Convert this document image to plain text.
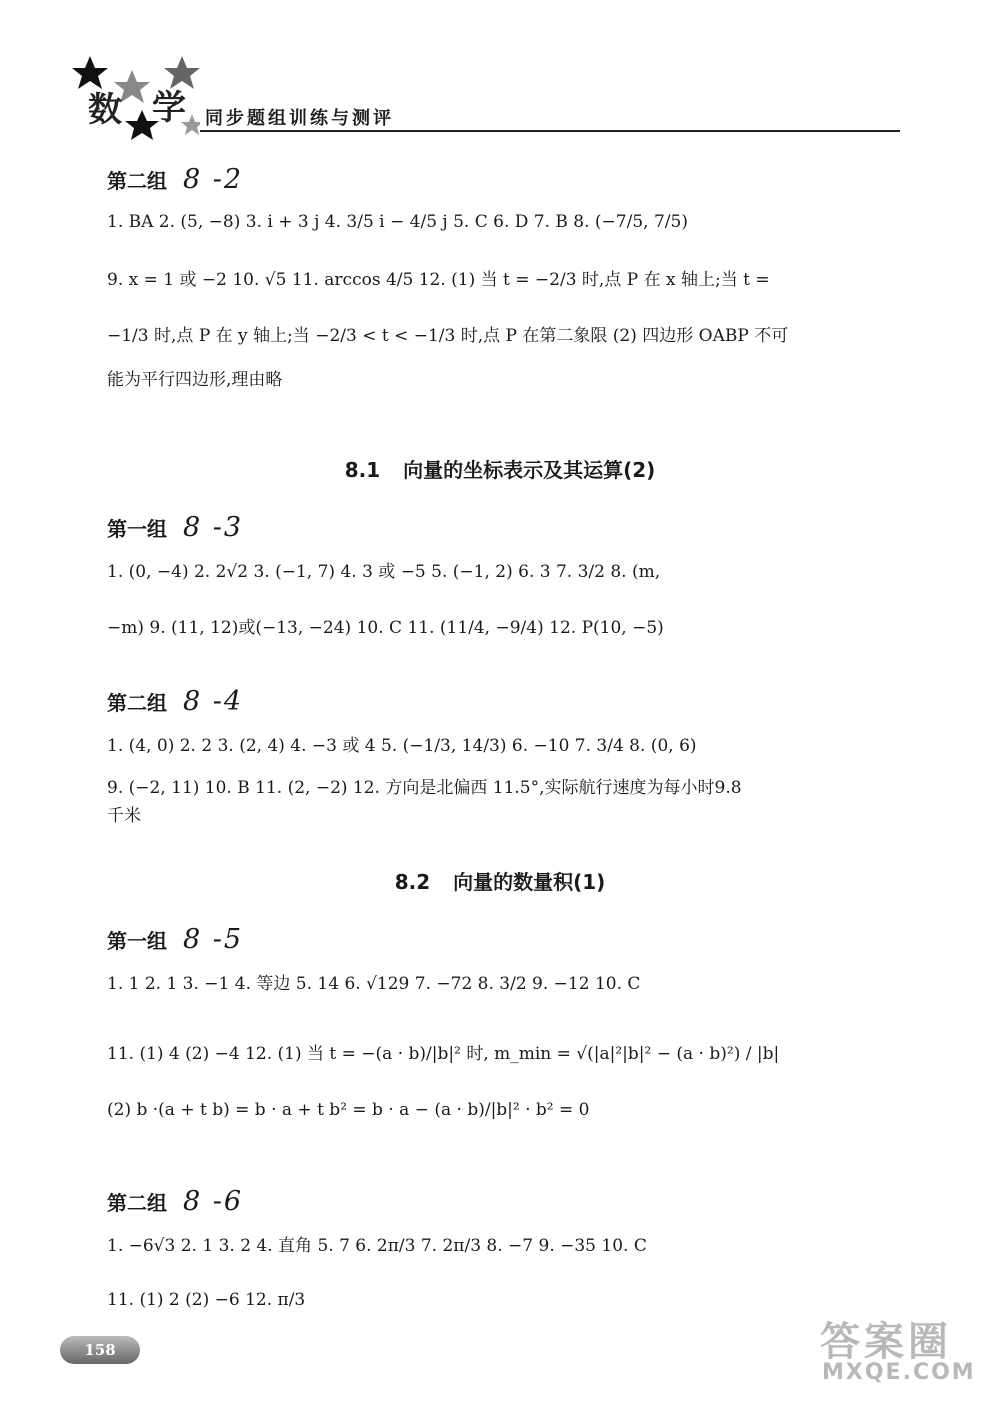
数 学 同步题组训练与测评
第二组 8 -2
1. BA 2. (5, −8) 3. i + 3 j 4. 3/5 i − 4/5 j 5. C 6. D 7. B 8. (−7/5, 7/5)
9. x = 1 或 −2 10. √5 11. arccos 4/5 12. (1) 当 t = −2/3 时,点 P 在 x 轴上;当 t =
−1/3 时,点 P 在 y 轴上;当 −2/3 < t < −1/3 时,点 P 在第二象限 (2) 四边形 OABP 不可
能为平行四边形,理由略
8.1 向量的坐标表示及其运算(2)
第一组 8 -3
1. (0, −4) 2. 2√2 3. (−1, 7) 4. 3 或 −5 5. (−1, 2) 6. 3 7. 3/2 8. (m,
−m) 9. (11, 12)或(−13, −24) 10. C 11. (11/4, −9/4) 12. P(10, −5)
第二组 8 -4
1. (4, 0) 2. 2 3. (2, 4) 4. −3 或 4 5. (−1/3, 14/3) 6. −10 7. 3/4 8. (0, 6)
9. (−2, 11) 10. B 11. (2, −2) 12. 方向是北偏西 11.5°,实际航行速度为每小时9.8
千米
8.2 向量的数量积(1)
第一组 8 -5
1. 1 2. 1 3. −1 4. 等边 5. 14 6. √129 7. −72 8. 3/2 9. −12 10. C
11. (1) 4 (2) −4 12. (1) 当 t = −(a · b)/|b|² 时, m_min = √(|a|²|b|² − (a · b)²) / |b|
(2) b ·(a + t b) = b · a + t b² = b · a − (a · b)/|b|² · b² = 0
第二组 8 -6
1. −6√3 2. 1 3. 2 4. 直角 5. 7 6. 2π/3 7. 2π/3 8. −7 9. −35 10. C
11. (1) 2 (2) −6 12. π/3
158	答案圈
MXQE.COM
